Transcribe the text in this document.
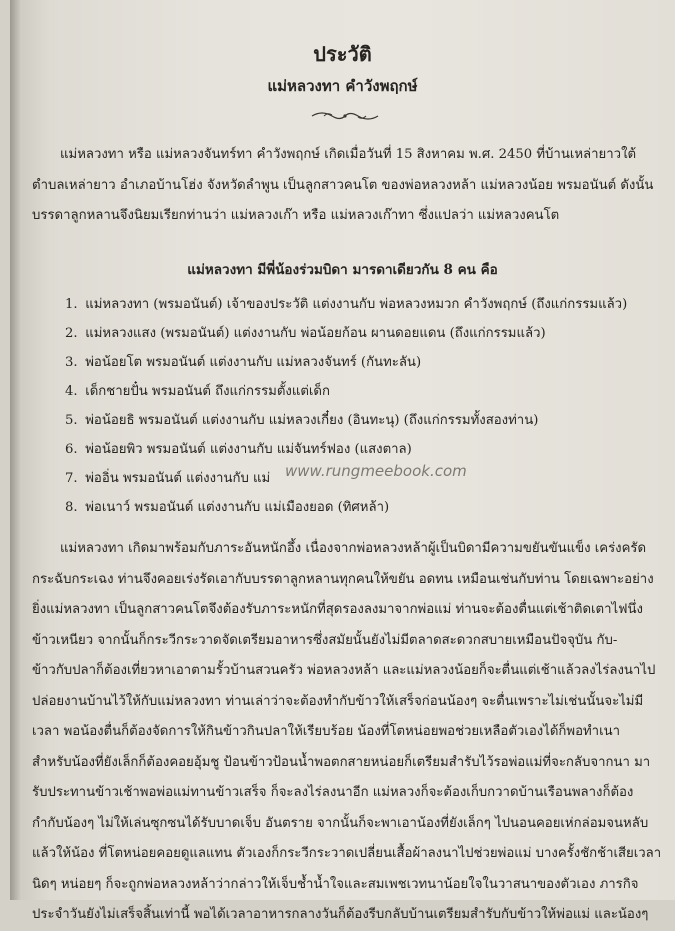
ประวัติ
แม่หลวงทา คำวังพฤกษ์
แม่หลวงทา หรือ แม่หลวงจันทร์ทา คำวังพฤกษ์ เกิดเมื่อวันที่ 15 สิงหาคม พ.ศ. 2450 ที่บ้านเหล่ายาวใต้
ตำบลเหล่ายาว อำเภอบ้านโฮ่ง จังหวัดลำพูน เป็นลูกสาวคนโต ของพ่อหลวงหล้า แม่หลวงน้อย พรมอนันต์ ดังนั้น
บรรดาลูกหลานจึงนิยมเรียกท่านว่า แม่หลวงเก๊า หรือ แม่หลวงเก๊าทา ซึ่งแปลว่า แม่หลวงคนโต
แม่หลวงทา มีพี่น้องร่วมบิดา มารดาเดียวกัน 8 คน คือ
1. แม่หลวงทา (พรมอนันต์) เจ้าของประวัติ แต่งงานกับ พ่อหลวงหมวก คำวังพฤกษ์ (ถึงแก่กรรมแล้ว)
2. แม่หลวงแสง (พรมอนันต์) แต่งงานกับ พ่อน้อยก้อน ผานดอยแดน (ถึงแก่กรรมแล้ว)
3. พ่อน้อยโต พรมอนันต์ แต่งงานกับ แม่หลวงจันทร์ (กันทะลัน)
4. เด็กชายปั๋น พรมอนันต์ ถึงแก่กรรมตั้งแต่เด็ก
5. พ่อน้อยธิ พรมอนันต์ แต่งงานกับ แม่หลวงเกี๋ยง (อินทะนุ) (ถึงแก่กรรมทั้งสองท่าน)
6. พ่อน้อยพิว พรมอนันต์ แต่งงานกับ แม่จันทร์ฟอง (แสงตาล)
7. พ่ออิ่น พรมอนันต์ แต่งงานกับ แม่
8. พ่อเนาว์ พรมอนันต์ แต่งงานกับ แม่เมืองยอด (ทิศหล้า)
www.rungmeebook.com
แม่หลวงทา เกิดมาพร้อมกับภาระอันหนักอึ้ง เนื่องจากพ่อหลวงหล้าผู้เป็นบิดามีความขยันขันแข็ง เคร่งครัด
กระฉับกระเฉง ท่านจึงคอยเร่งรัดเอากับบรรดาลูกหลานทุกคนให้ขยัน อดทน เหมือนเช่นกับท่าน โดยเฉพาะอย่าง
ยิ่งแม่หลวงทา เป็นลูกสาวคนโตจึงต้องรับภาระหนักที่สุดรองลงมาจากพ่อแม่ ท่านจะต้องตื่นแต่เช้าติดเตาไฟนึ่ง
ข้าวเหนียว จากนั้นก็กระวีกระวาดจัดเตรียมอาหารซึ่งสมัยนั้นยังไม่มีตลาดสะดวกสบายเหมือนปัจจุบัน กับ-
ข้าวกับปลาก็ต้องเที่ยวหาเอาตามรั้วบ้านสวนครัว พ่อหลวงหล้า และแม่หลวงน้อยก็จะตื่นแต่เช้าแล้วลงไร่ลงนาไป
ปล่อยงานบ้านไว้ให้กับแม่หลวงทา ท่านเล่าว่าจะต้องทำกับข้าวให้เสร็จก่อนน้องๆ จะตื่นเพราะไม่เช่นนั้นจะไม่มี
เวลา พอน้องตื่นก็ต้องจัดการให้กินข้าวกินปลาให้เรียบร้อย น้องที่โตหน่อยพอช่วยเหลือตัวเองได้ก็พอทำเนา
สำหรับน้องที่ยังเล็กก็ต้องคอยอุ้มชู ป้อนข้าวป้อนน้ำพอตกสายหน่อยก็เตรียมสำรับไว้รอพ่อแม่ที่จะกลับจากนา มา
รับประทานข้าวเช้าพอพ่อแม่ทานข้าวเสร็จ ก็จะลงไร่ลงนาอีก แม่หลวงก็จะต้องเก็บกวาดบ้านเรือนพลางก็ต้อง
กำกับน้องๆ ไม่ให้เล่นซุกซนได้รับบาดเจ็บ อันตราย จากนั้นก็จะพาเอาน้องที่ยังเล็กๆ ไปนอนคอยเห่กล่อมจนหลับ
แล้วให้น้อง ที่โตหน่อยคอยดูแลแทน ตัวเองก็กระวีกระวาดเปลี่ยนเสื้อผ้าลงนาไปช่วยพ่อแม่ บางครั้งชักช้าเสียเวลา
นิดๆ หน่อยๆ ก็จะถูกพ่อหลวงหล้าว่ากล่าวให้เจ็บช้ำน้ำใจและสมเพชเวทนาน้อยใจในวาสนาของตัวเอง ภารกิจ
ประจำวันยังไม่เสร็จสิ้นเท่านี้ พอได้เวลาอาหารกลางวันก็ต้องรีบกลับบ้านเตรียมสำรับกับข้าวให้พ่อแม่ และน้องๆ
